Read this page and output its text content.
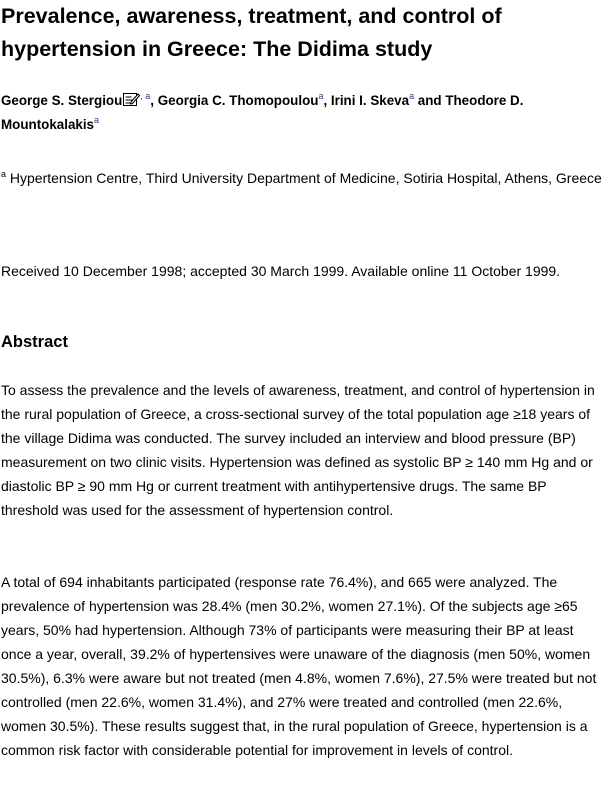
Prevalence, awareness, treatment, and control of hypertension in Greece: The Didima study

George S. Stergiou $^{, a}$, Georgia C. Thomopoulou$^a$, Irini I. Skeva$^a$ and Theodore D. Mountokalakis$^a$

$^a$ Hypertension Centre, Third University Department of Medicine, Sotiria Hospital, Athens, Greece

Received 10 December 1998; accepted 30 March 1999. Available online 11 October 1999.

Abstract

To assess the prevalence and the levels of awareness, treatment, and control of hypertension in the rural population of Greece, a cross-sectional survey of the total population age ≥18 years of the village Didima was conducted. The survey included an interview and blood pressure (BP) measurement on two clinic visits. Hypertension was defined as systolic BP ≥ 140 mm Hg and or diastolic BP ≥ 90 mm Hg or current treatment with antihypertensive drugs. The same BP threshold was used for the assessment of hypertension control.

A total of 694 inhabitants participated (response rate 76.4%), and 665 were analyzed. The prevalence of hypertension was 28.4% (men 30.2%, women 27.1%). Of the subjects age ≥65 years, 50% had hypertension. Although 73% of participants were measuring their BP at least once a year, overall, 39.2% of hypertensives were unaware of the diagnosis (men 50%, women 30.5%), 6.3% were aware but not treated (men 4.8%, women 7.6%), 27.5% were treated but not controlled (men 22.6%, women 31.4%), and 27% were treated and controlled (men 22.6%, women 30.5%). These results suggest that, in the rural population of Greece, hypertension is a common risk factor with considerable potential for improvement in levels of control.
